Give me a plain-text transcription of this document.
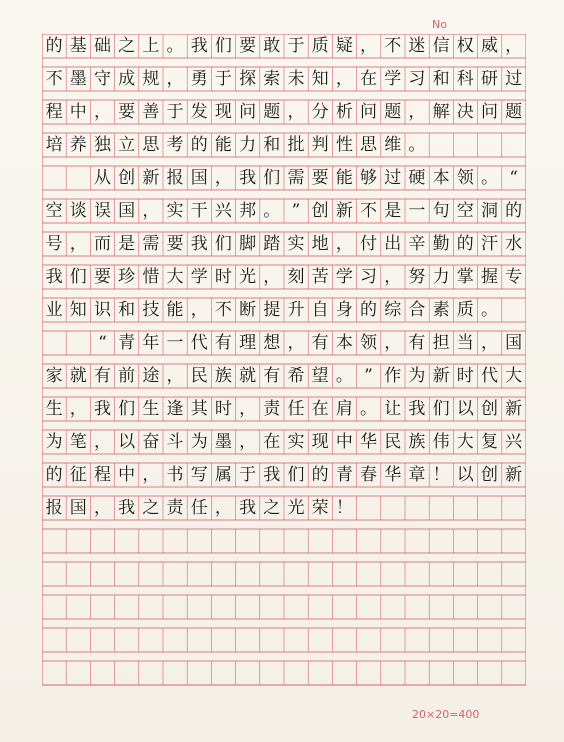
No
的 基 础 之 上 。 我 们 要 敢 于 质 疑 ， 不 迷 信 权 威 ，
不 墨 守 成 规 ， 勇 于 探 索 未 知 ， 在 学 习 和 科 研 过
程 中 ， 要 善 于 发 现 问 题 ， 分 析 问 题 ， 解 决 问 题
培 养 独 立 思 考 的 能 力 和 批 判 性 思 维 。
从 创 新 报 国 ， 我 们 需 要 能 够 过 硬 本 领 。 “
空 谈 误 国 ， 实 干 兴 邦 。 ” 创 新 不 是 一 句 空 洞 的
号 ， 而 是 需 要 我 们 脚 踏 实 地 ， 付 出 辛 勤 的 汗 水
我 们 要 珍 惜 大 学 时 光 ， 刻 苦 学 习 ， 努 力 掌 握 专
业 知 识 和 技 能 ， 不 断 提 升 自 身 的 综 合 素 质 。
“ 青 年 一 代 有 理 想 ， 有 本 领 ， 有 担 当 ， 国
家 就 有 前 途 ， 民 族 就 有 希 望 。 ” 作 为 新 时 代 大
生 ， 我 们 生 逢 其 时 ， 责 任 在 肩 。 让 我 们 以 创 新
为 笔 ， 以 奋 斗 为 墨 ， 在 实 现 中 华 民 族 伟 大 复 兴
的 征 程 中 ， 书 写 属 于 我 们 的 青 春 华 章 ！ 以 创 新
报 国 ， 我 之 责 任 ， 我 之 光 荣 ！
20×20=400
